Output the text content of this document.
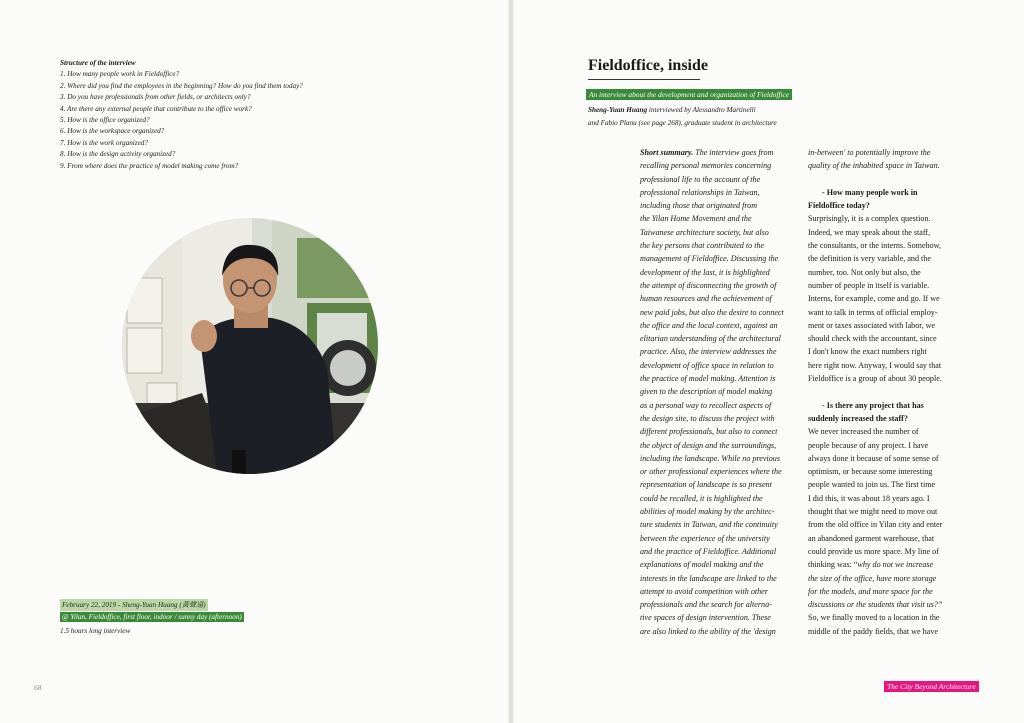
Structure of the interview
1. How many people work in Fieldoffice?
2. Where did you find the employees in the beginning? How do you find them today?
3. Do you have professionals from other fields, or architects only?
4. Are there any external people that contribute to the office work?
5. How is the office organized?
6. How is the workspace organized?
7. How is the work organized?
8. How is the design activity organized?
9. From where does the practice of model making come from?
February 22, 2019 - Sheng-Yuan Huang (黃聲遠)
@ Yilan, Fieldoffice, first floor, indoor / sunny day (afternoon)
1.5 hours long interview
68
Fieldoffice, inside
An interview about the development and organization of Fieldoffice
Sheng-Yuan Huang interviewed by Alessandro Martinelli
and Fabio Planu (see page 268), graduate student in architecture
Short summary. The interview goes from
recalling personal memories concerning
professional life to the account of the
professional relationships in Taiwan,
including those that originated from
the Yilan Home Movement and the
Taiwanese architecture society, but also
the key persons that contributed to the
management of Fieldoffice. Discussing the
development of the last, it is highlighted
the attempt of disconnecting the growth of
human resources and the achievement of
new paid jobs, but also the desire to connect
the office and the local context, against an
elitarian understanding of the architectural
practice. Also, the interview addresses the
development of office space in relation to
the practice of model making. Attention is
given to the description of model making
as a personal way to recollect aspects of
the design site, to discuss the project with
different professionals, but also to connect
the object of design and the surroundings,
including the landscape. While no previous
or other professional experiences where the
representation of landscape is so present
could be recalled, it is highlighted the
abilities of model making by the architec-
ture students in Taiwan, and the continuity
between the experience of the university
and the practice of Fieldoffice. Additional
explanations of model making and the
interests in the landscape are linked to the
attempt to avoid competition with other
professionals and the search for alterna-
tive spaces of design intervention. These
are also linked to the ability of the 'design
in-between' to potentially improve the
quality of the inhabited space in Taiwan.
- How many people work in
Fieldoffice today?
Surprisingly, it is a complex question.
Indeed, we may speak about the staff,
the consultants, or the interns. Somehow,
the definition is very variable, and the
number, too. Not only but also, the
number of people in itself is variable.
Interns, for example, come and go. If we
want to talk in terms of official employ-
ment or taxes associated with labor, we
should check with the accountant, since
I don't know the exact numbers right
here right now. Anyway, I would say that
Fieldoffice is a group of about 30 people.
- Is there any project that has
suddenly increased the staff?
We never increased the number of
people because of any project. I have
always done it because of some sense of
optimism, or because some interesting
people wanted to join us. The first time
I did this, it was about 18 years ago. I
thought that we might need to move out
from the old office in Yilan city and enter
an abandoned garment warehouse, that
could provide us more space. My line of
thinking was: “why do not we increase
the size of the office, have more storage
for the models, and more space for the
discussions or the students that visit us?”
So, we finally moved to a location in the
middle of the paddy fields, that we have
The City Beyond Architecture
